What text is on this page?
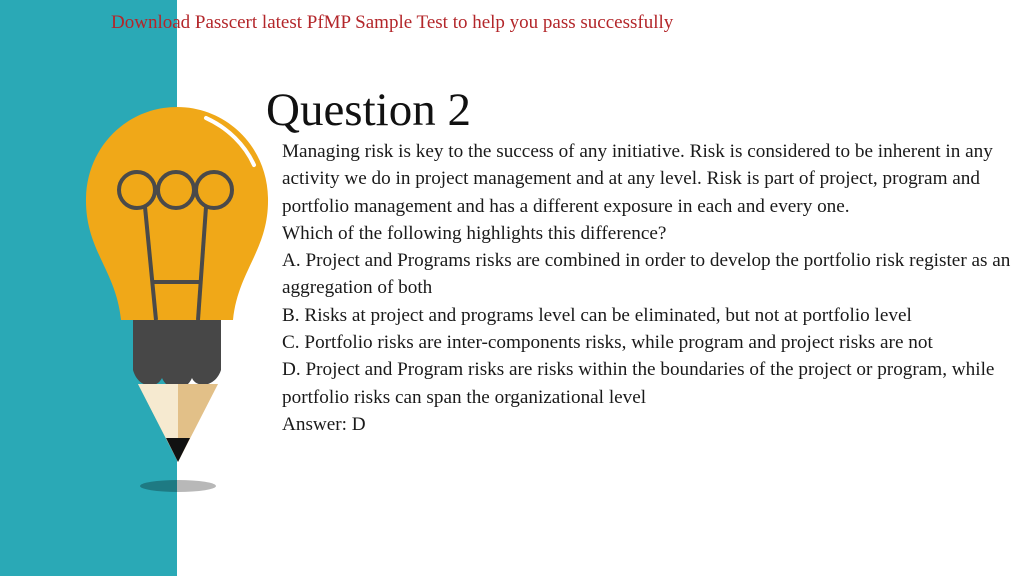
Download Passcert latest PfMP Sample Test to help you pass successfully
Question 2

Managing risk is key to the success of any initiative. Risk is considered to be inherent in any activity we do in project management and at any level. Risk is part of project, program and portfolio management and has a different exposure in each and every one.

Which of the following highlights this difference?

A. Project and Programs risks are combined in order to develop the portfolio risk register as an aggregation of both

B. Risks at project and programs level can be eliminated, but not at portfolio level

C. Portfolio risks are inter-components risks, while program and project risks are not

D. Project and Program risks are risks within the boundaries of the project or program, while portfolio risks can span the organizational level

Answer: D
